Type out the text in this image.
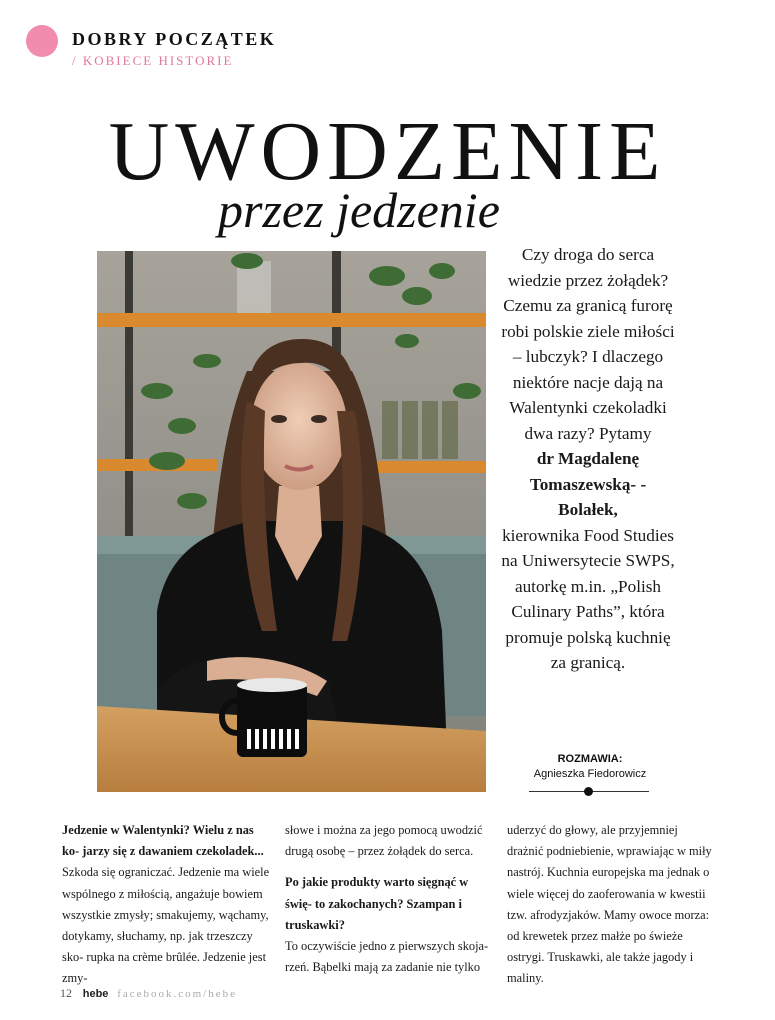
DOBRY POCZĄTEK
/ KOBIECE HISTORIE
UWODZENIE
przez jedzenie
Czy droga do serca wiedzie przez żołądek? Czemu za granicą furorę robi polskie ziele miłości – lubczyk? I dlaczego niektóre nacje dają na Walentynki czekoladki dwa razy? Pytamy
dr Magdalenę Tomaszewską- -Bolałek,
kierownika Food Studies na Uniwersytecie SWPS, autorkę m.in. „Polish Culinary Paths”, która promuje polską kuchnię za granicą.
ROZMAWIA:
Agnieszka Fiedorowicz

Jedzenie w Walentynki? Wielu z nas ko- jarzy się z dawaniem czekoladek...

Szkoda się ograniczać. Jedzenie ma wiele wspólnego z miłością, angażuje bowiem wszystkie zmysły; smakujemy, wąchamy, dotykamy, słuchamy, np. jak trzeszczy sko- rupka na crème brûlée. Jedzenie jest zmy-

słowe i można za jego pomocą uwodzić drugą osobę – przez żołądek do serca.

Po jakie produkty warto sięgnąć w świę- to zakochanych? Szampan i truskawki?

To oczywiście jedno z pierwszych skoja- rzeń. Bąbelki mają za zadanie nie tylko

uderzyć do głowy, ale przyjemniej drażnić podniebienie, wprawiając w miły nastrój. Kuchnia europejska ma jednak o wiele więcej do zaoferowania w kwestii tzw. afrodyzjaków. Mamy owoce morza: od krewetek przez małże po świeże ostrygi. Truskawki, ale także jagody i maliny.

12 hebe facebook.com/hebe
